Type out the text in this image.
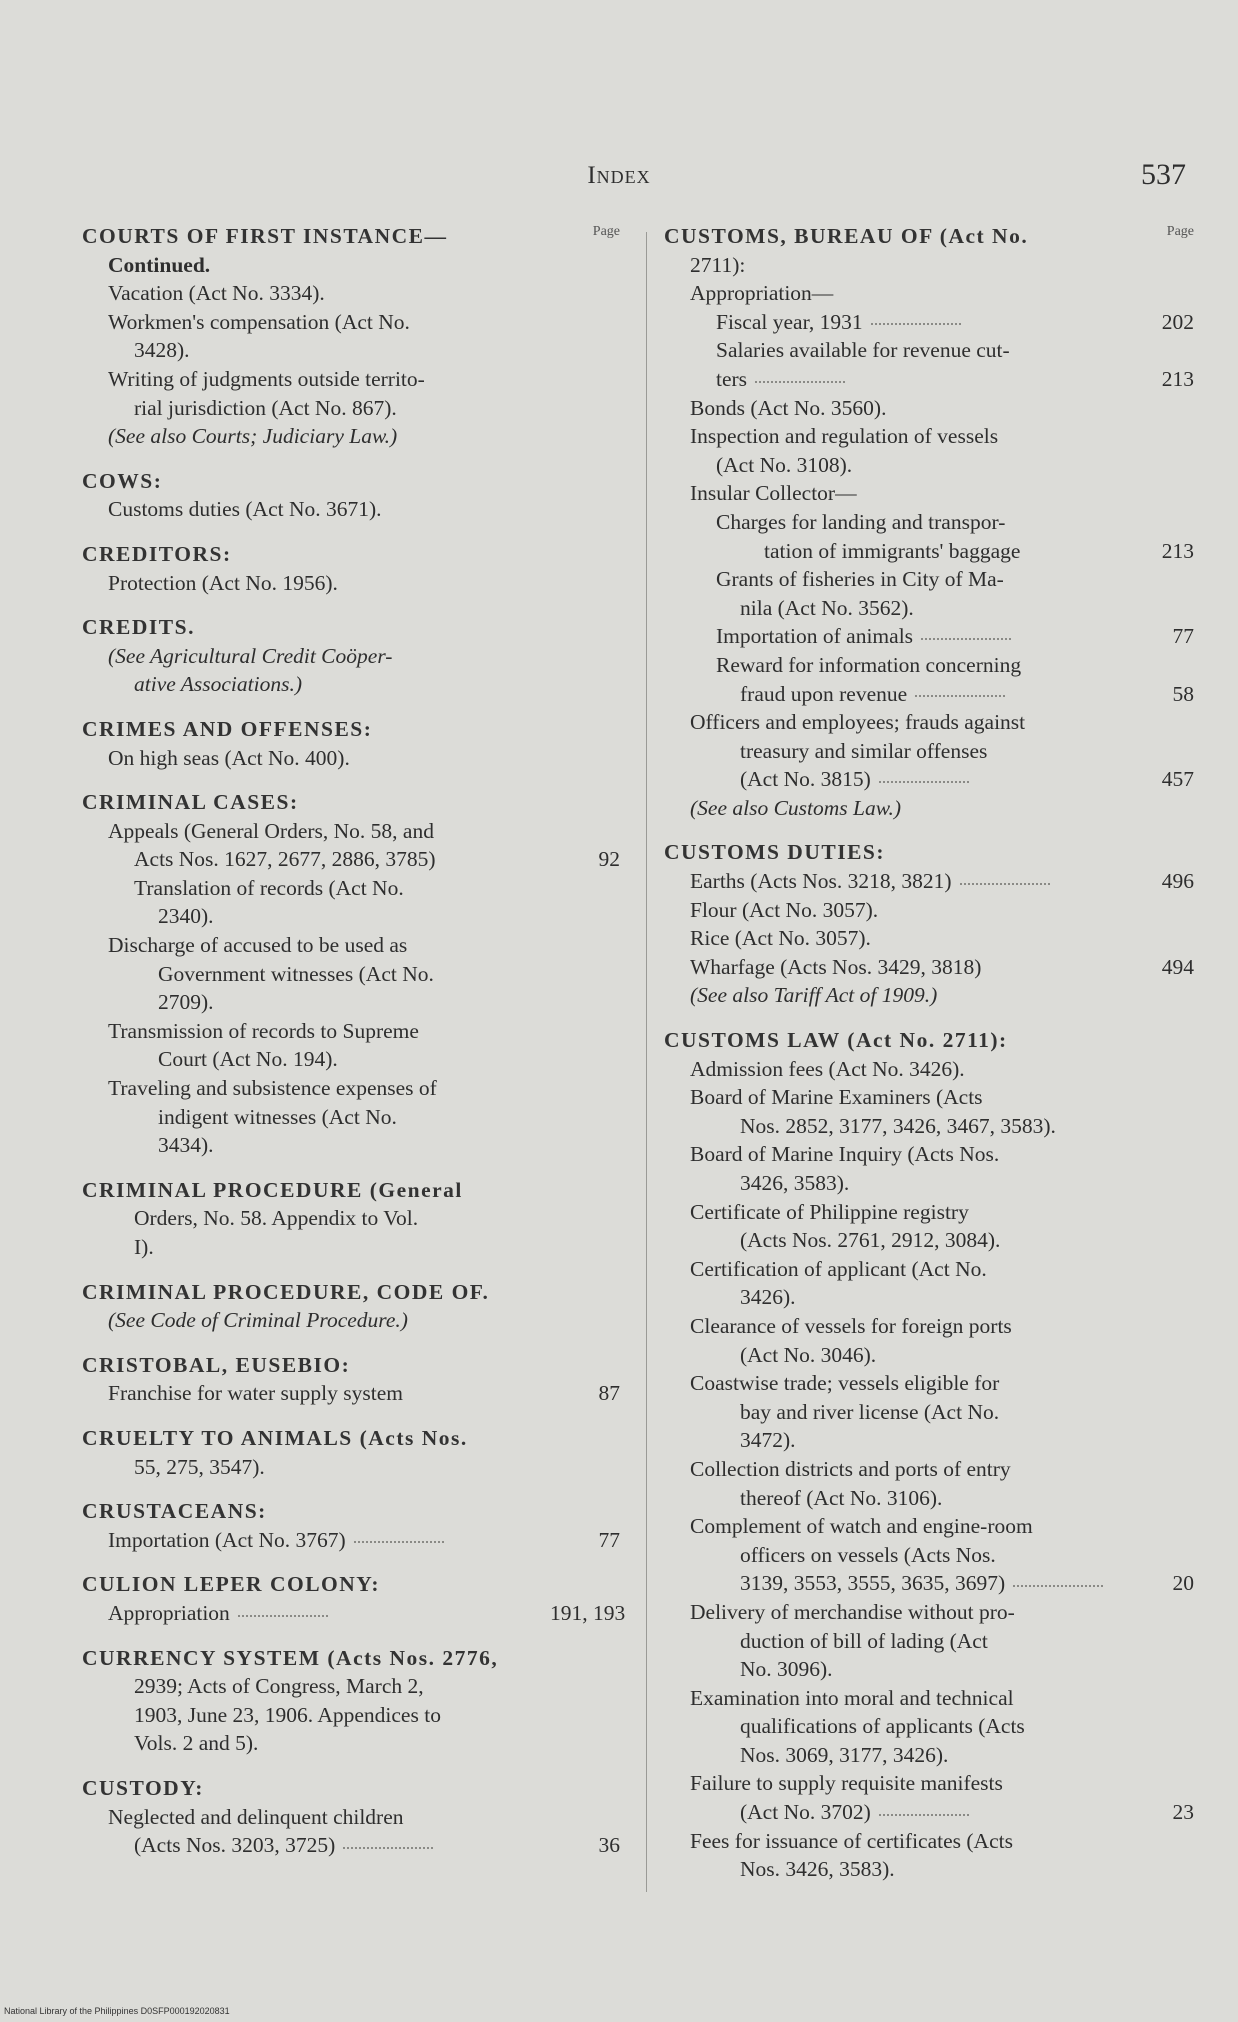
Index	537
Page
COURTS OF FIRST INSTANCE—
Continued.
Vacation (Act No. 3334).
Workmen's compensation (Act No.
3428).
Writing of judgments outside territo-
rial jurisdiction (Act No. 867).
(See also Courts; Judiciary Law.)
COWS:
Customs duties (Act No. 3671).
CREDITORS:
Protection (Act No. 1956).
CREDITS.
(See Agricultural Credit Coöper-
ative Associations.)
CRIMES AND OFFENSES:
On high seas (Act No. 400).
CRIMINAL CASES:
Appeals (General Orders, No. 58, and
Acts Nos. 1627, 2677, 2886, 3785)	92
Translation of records (Act No.
2340).
Discharge of accused to be used as
Government witnesses (Act No.
2709).
Transmission of records to Supreme
Court (Act No. 194).
Traveling and subsistence expenses of
indigent witnesses (Act No.
3434).
CRIMINAL PROCEDURE (General
Orders, No. 58. Appendix to Vol.
I).
CRIMINAL PROCEDURE, CODE OF.
(See Code of Criminal Procedure.)
CRISTOBAL, EUSEBIO:
Franchise for water supply system	87
CRUELTY TO ANIMALS (Acts Nos.
55, 275, 3547).
CRUSTACEANS:
Importation (Act No. 3767)	77
CULION LEPER COLONY:
Appropriation	191, 193
CURRENCY SYSTEM (Acts Nos. 2776,
2939; Acts of Congress, March 2,
1903, June 23, 1906. Appendices to
Vols. 2 and 5).
CUSTODY:
Neglected and delinquent children
(Acts Nos. 3203, 3725)	36
Page
CUSTOMS, BUREAU OF (Act No.
2711):
Appropriation—
Fiscal year, 1931	202
Salaries available for revenue cut-
ters	213
Bonds (Act No. 3560).
Inspection and regulation of vessels
(Act No. 3108).
Insular Collector—
Charges for landing and transpor-
tation of immigrants' baggage	213
Grants of fisheries in City of Ma-
nila (Act No. 3562).
Importation of animals	77
Reward for information concerning
fraud upon revenue	58
Officers and employees; frauds against
treasury and similar offenses
(Act No. 3815)	457
(See also Customs Law.)
CUSTOMS DUTIES:
Earths (Acts Nos. 3218, 3821)	496
Flour (Act No. 3057).
Rice (Act No. 3057).
Wharfage (Acts Nos. 3429, 3818)	494
(See also Tariff Act of 1909.)
CUSTOMS LAW (Act No. 2711):
Admission fees (Act No. 3426).
Board of Marine Examiners (Acts
Nos. 2852, 3177, 3426, 3467, 3583).
Board of Marine Inquiry (Acts Nos.
3426, 3583).
Certificate of Philippine registry
(Acts Nos. 2761, 2912, 3084).
Certification of applicant (Act No.
3426).
Clearance of vessels for foreign ports
(Act No. 3046).
Coastwise trade; vessels eligible for
bay and river license (Act No.
3472).
Collection districts and ports of entry
thereof (Act No. 3106).
Complement of watch and engine-room
officers on vessels (Acts Nos.
3139, 3553, 3555, 3635, 3697)	20
Delivery of merchandise without pro-
duction of bill of lading (Act
No. 3096).
Examination into moral and technical
qualifications of applicants (Acts
Nos. 3069, 3177, 3426).
Failure to supply requisite manifests
(Act No. 3702)	23
Fees for issuance of certificates (Acts
Nos. 3426, 3583).
National Library of the Philippines D0SFP000192020831
